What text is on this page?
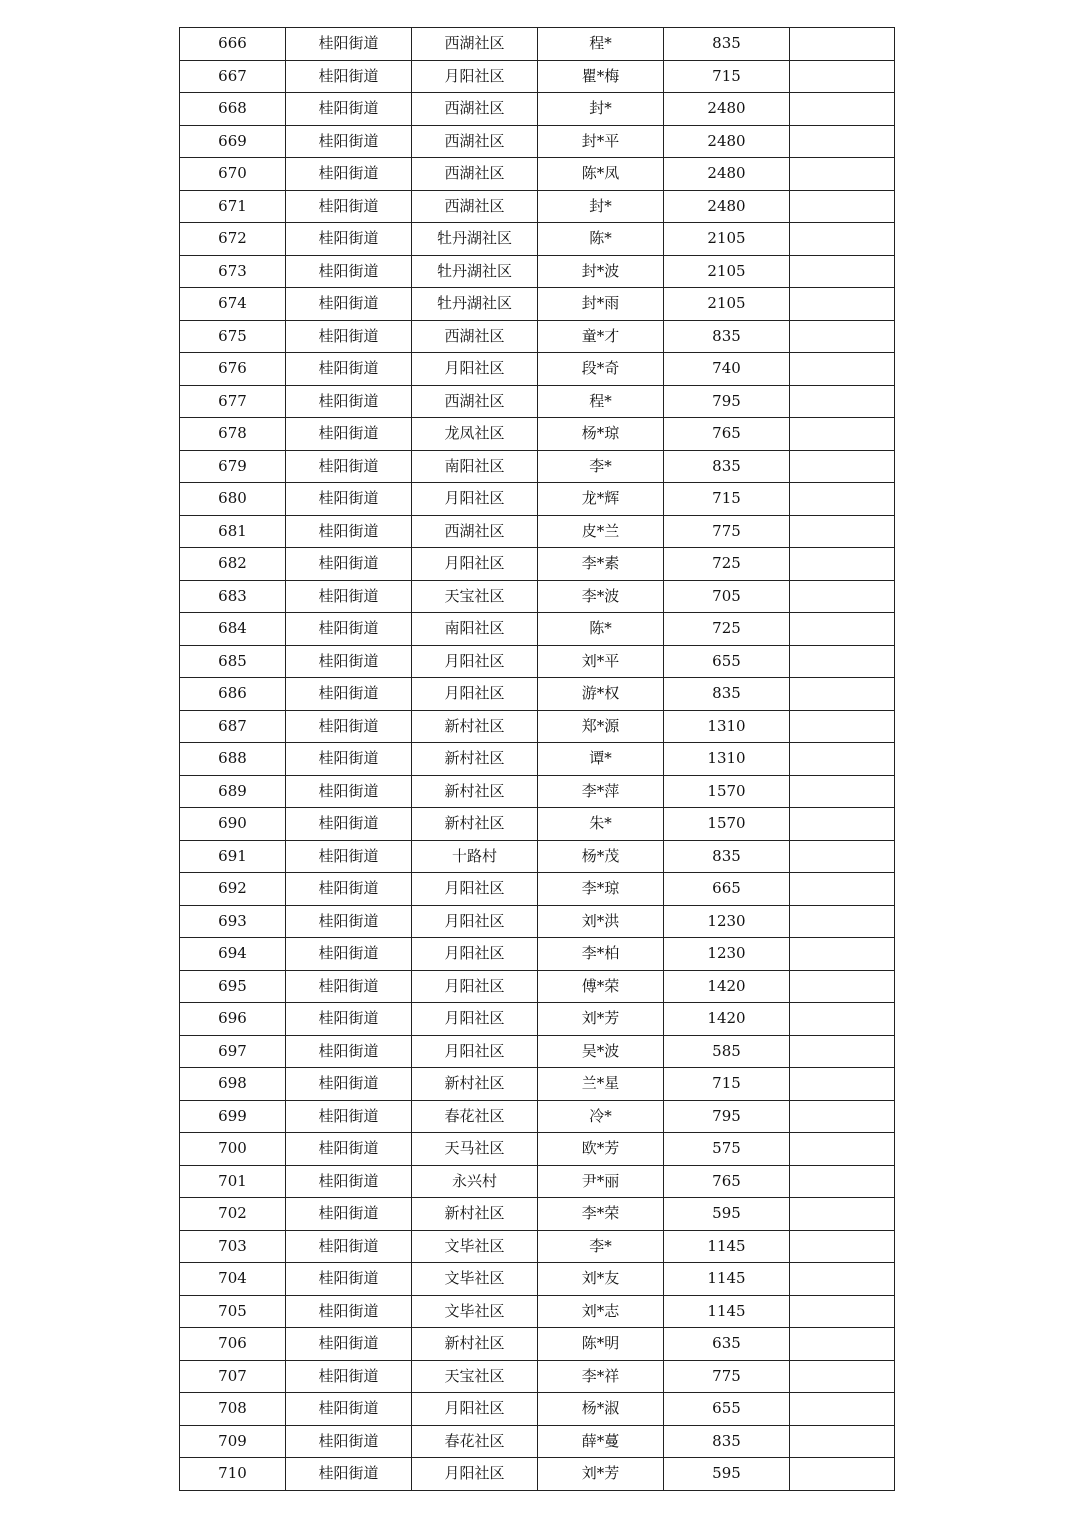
666	桂阳街道	西湖社区	程*	835	
667	桂阳街道	月阳社区	瞿*梅	715	
668	桂阳街道	西湖社区	封*	2480	
669	桂阳街道	西湖社区	封*平	2480	
670	桂阳街道	西湖社区	陈*凤	2480	
671	桂阳街道	西湖社区	封*	2480	
672	桂阳街道	牡丹湖社区	陈*	2105	
673	桂阳街道	牡丹湖社区	封*波	2105	
674	桂阳街道	牡丹湖社区	封*雨	2105	
675	桂阳街道	西湖社区	童*才	835	
676	桂阳街道	月阳社区	段*奇	740	
677	桂阳街道	西湖社区	程*	795	
678	桂阳街道	龙凤社区	杨*琼	765	
679	桂阳街道	南阳社区	李*	835	
680	桂阳街道	月阳社区	龙*辉	715	
681	桂阳街道	西湖社区	皮*兰	775	
682	桂阳街道	月阳社区	李*素	725	
683	桂阳街道	天宝社区	李*波	705	
684	桂阳街道	南阳社区	陈*	725	
685	桂阳街道	月阳社区	刘*平	655	
686	桂阳街道	月阳社区	游*权	835	
687	桂阳街道	新村社区	郑*源	1310	
688	桂阳街道	新村社区	谭*	1310	
689	桂阳街道	新村社区	李*萍	1570	
690	桂阳街道	新村社区	朱*	1570	
691	桂阳街道	十路村	杨*茂	835	
692	桂阳街道	月阳社区	李*琼	665	
693	桂阳街道	月阳社区	刘*洪	1230	
694	桂阳街道	月阳社区	李*柏	1230	
695	桂阳街道	月阳社区	傅*荣	1420	
696	桂阳街道	月阳社区	刘*芳	1420	
697	桂阳街道	月阳社区	吴*波	585	
698	桂阳街道	新村社区	兰*星	715	
699	桂阳街道	春花社区	冷*	795	
700	桂阳街道	天马社区	欧*芳	575	
701	桂阳街道	永兴村	尹*丽	765	
702	桂阳街道	新村社区	李*荣	595	
703	桂阳街道	文毕社区	李*	1145	
704	桂阳街道	文毕社区	刘*友	1145	
705	桂阳街道	文毕社区	刘*志	1145	
706	桂阳街道	新村社区	陈*明	635	
707	桂阳街道	天宝社区	李*祥	775	
708	桂阳街道	月阳社区	杨*淑	655	
709	桂阳街道	春花社区	薛*蔓	835	
710	桂阳街道	月阳社区	刘*芳	595	
